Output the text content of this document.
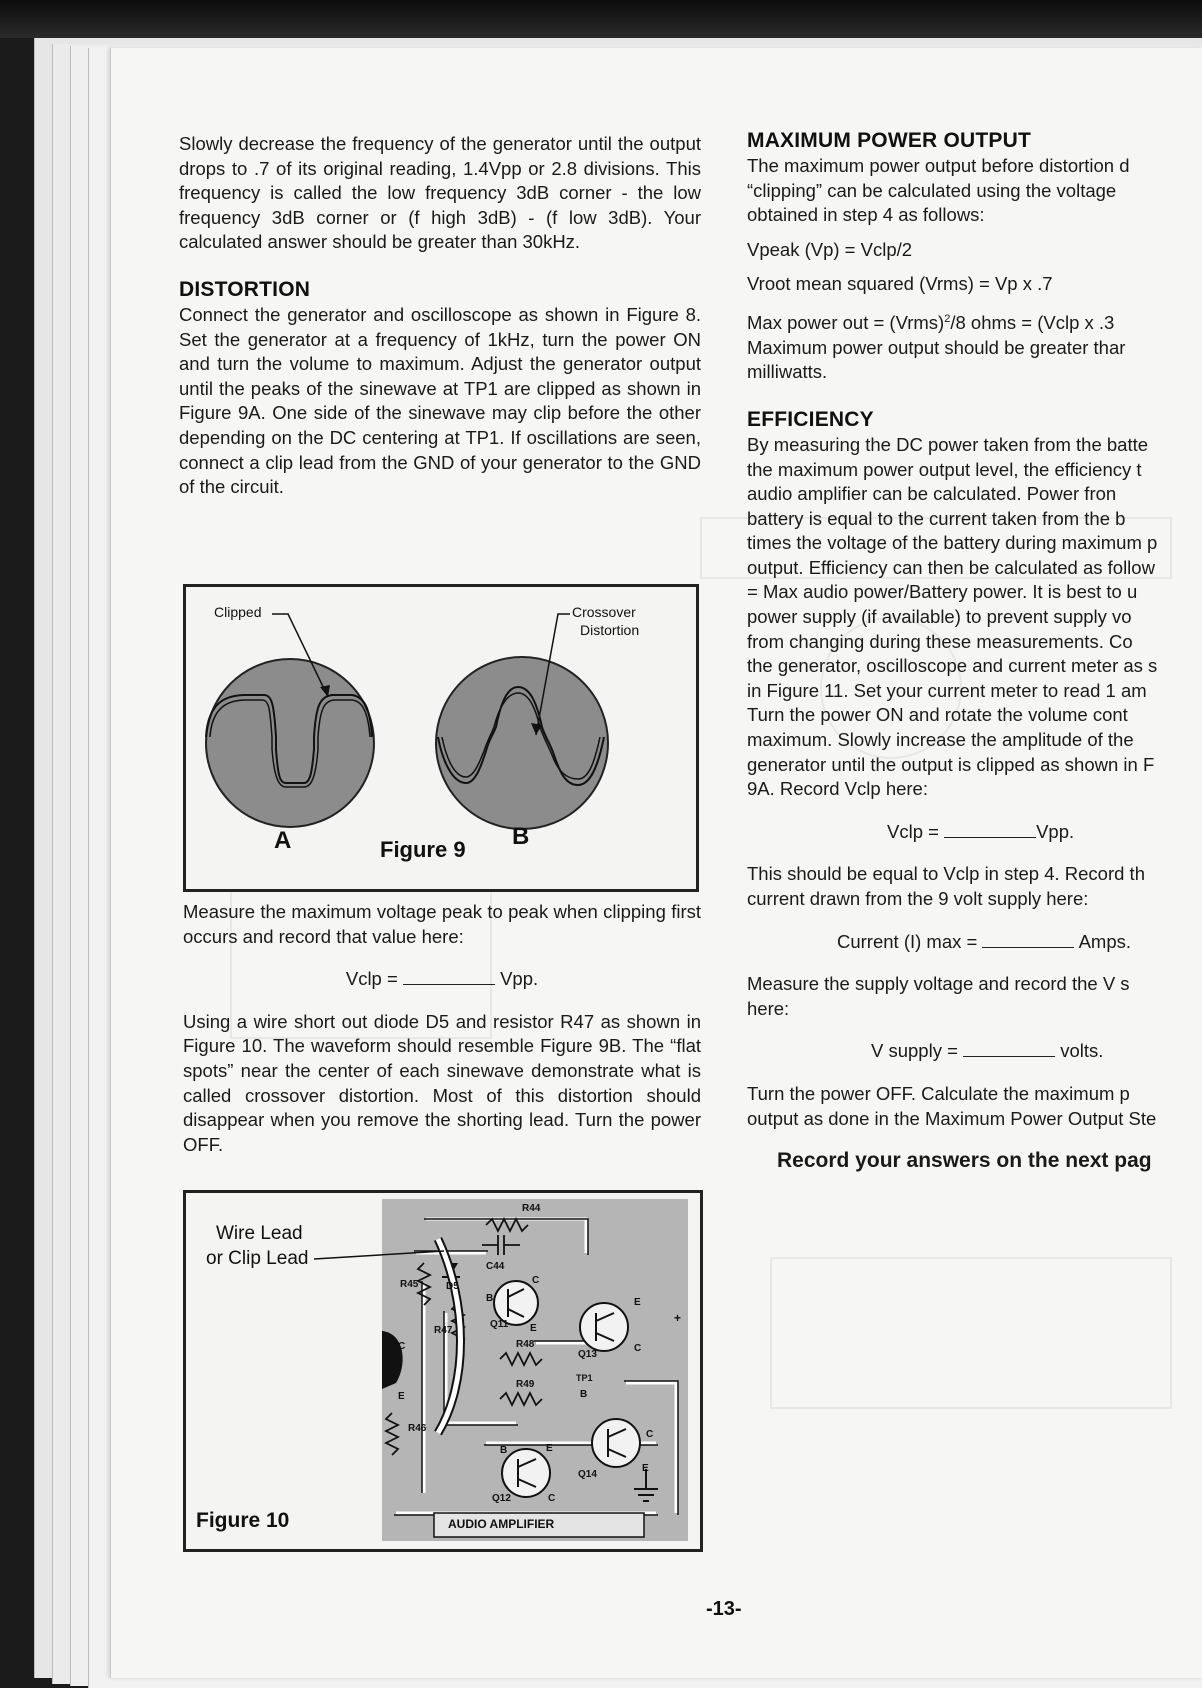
Slowly decrease the frequency of the generator until the output drops to .7 of its original reading, 1.4Vpp or 2.8 divisions. This frequency is called the low frequency 3dB corner - the low frequency 3dB corner or (f high 3dB) - (f low 3dB). Your calculated answer should be greater than 30kHz.

DISTORTION

Connect the generator and oscilloscope as shown in Figure 8. Set the generator at a frequency of 1kHz, turn the power ON and turn the volume to maximum. Adjust the generator output until the peaks of the sinewave at TP1 are clipped as shown in Figure 9A. One side of the sinewave may clip before the other depending on the DC centering at TP1. If oscillations are seen, connect a clip lead from the GND of your generator to the GND of the circuit.

Clipped	Crossover
Distortion
A	Figure 9 B

Measure the maximum voltage peak to peak when clipping first occurs and record that value here:

Vclp =	Vpp.

Using a wire short out diode D5 and resistor R47 as shown in Figure 10. The waveform should resemble Figure 9B. The “flat spots” near the center of each sinewave demonstrate what is called crossover distortion. Most of this distortion should disappear when you remove the shorting lead. Turn the power OFF.

Wire Lead
or Clip Lead
Figure 10	AUDIO AMPLIFIER
R44
C44
R45	D5
R47
Q11
R48
Q13
TP1
R49
R46
Q12
Q14
B
C
E
E
C
B
C
E
B	E
C
C
E
+
MAXIMUM POWER OUTPUT

The maximum power output before distortion d

“clipping” can be calculated using the voltage

obtained in step 4 as follows:

Vpeak (Vp) = Vclp/2

Vroot mean squared (Vrms) = Vp x .7

Max power out = (Vrms)$^2$/8 ohms = (Vclp x .3

Maximum power output should be greater thar

milliwatts.

EFFICIENCY

By measuring the DC power taken from the batte

the maximum power output level, the efficiency t

audio amplifier can be calculated. Power fron

battery is equal to the current taken from the b

times the voltage of the battery during maximum p

output. Efficiency can then be calculated as follow

= Max audio power/Battery power. It is best to u

power supply (if available) to prevent supply vo

from changing during these measurements. Co

the generator, oscilloscope and current meter as s

in Figure 11. Set your current meter to read 1 am

Turn the power ON and rotate the volume cont

maximum. Slowly increase the amplitude of the

generator until the output is clipped as shown in F

9A. Record Vclp here:

Vclp =	Vpp.

This should be equal to Vclp in step 4. Record th

current drawn from the 9 volt supply here:

Current (I) max =	Amps.

Measure the supply voltage and record the V s

here:

V supply =	volts.

Turn the power OFF. Calculate the maximum p

output as done in the Maximum Power Output Ste

Record your answers on the next pag

-13-
